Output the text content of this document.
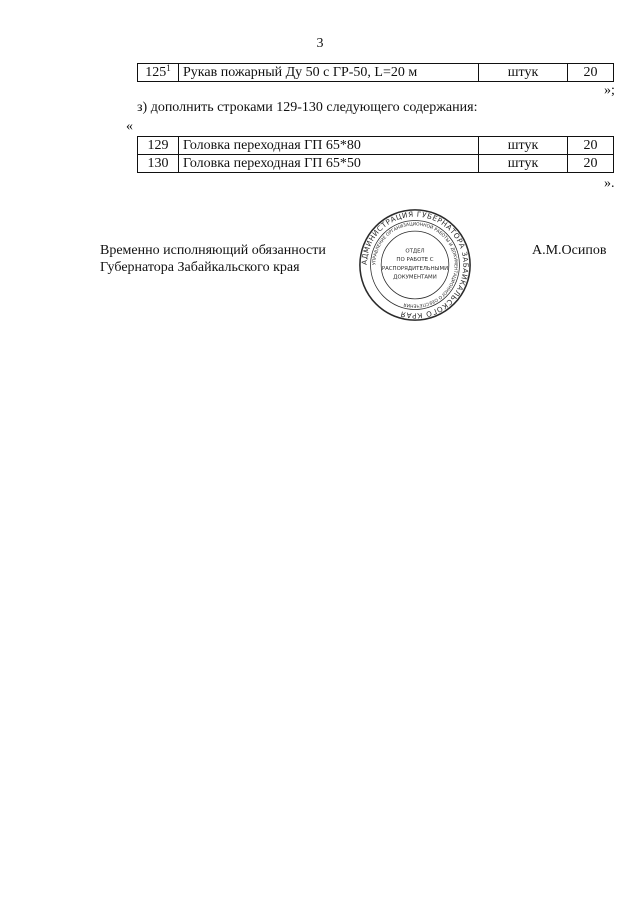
3
$125^1$	Рукав пожарный Ду 50 с ГР-50, L=20 м	штук	20
»;
з) дополнить строками 129-130 следующего содержания:
«
129	Головка переходная ГП 65*80	штук	20
130	Головка переходная ГП 65*50	штук	20
».
Временно исполняющий обязанности
Губернатора Забайкальского края
А.М.Осипов
АДМИНИСТРАЦИЯ ГУБЕРНАТОРА ЗАБАЙКАЛЬСКОГО КРАЯ
УПРАВЛЕНИЕ ОРГАНИЗАЦИОННОЙ РАБОТЫ И ДОКУМЕНТАЦИОННОГО ОБЕСПЕЧЕНИЯ
ОТДЕЛ
ПО РАБОТЕ С
РАСПОРЯДИТЕЛЬНЫМИ
ДОКУМЕНТАМИ
